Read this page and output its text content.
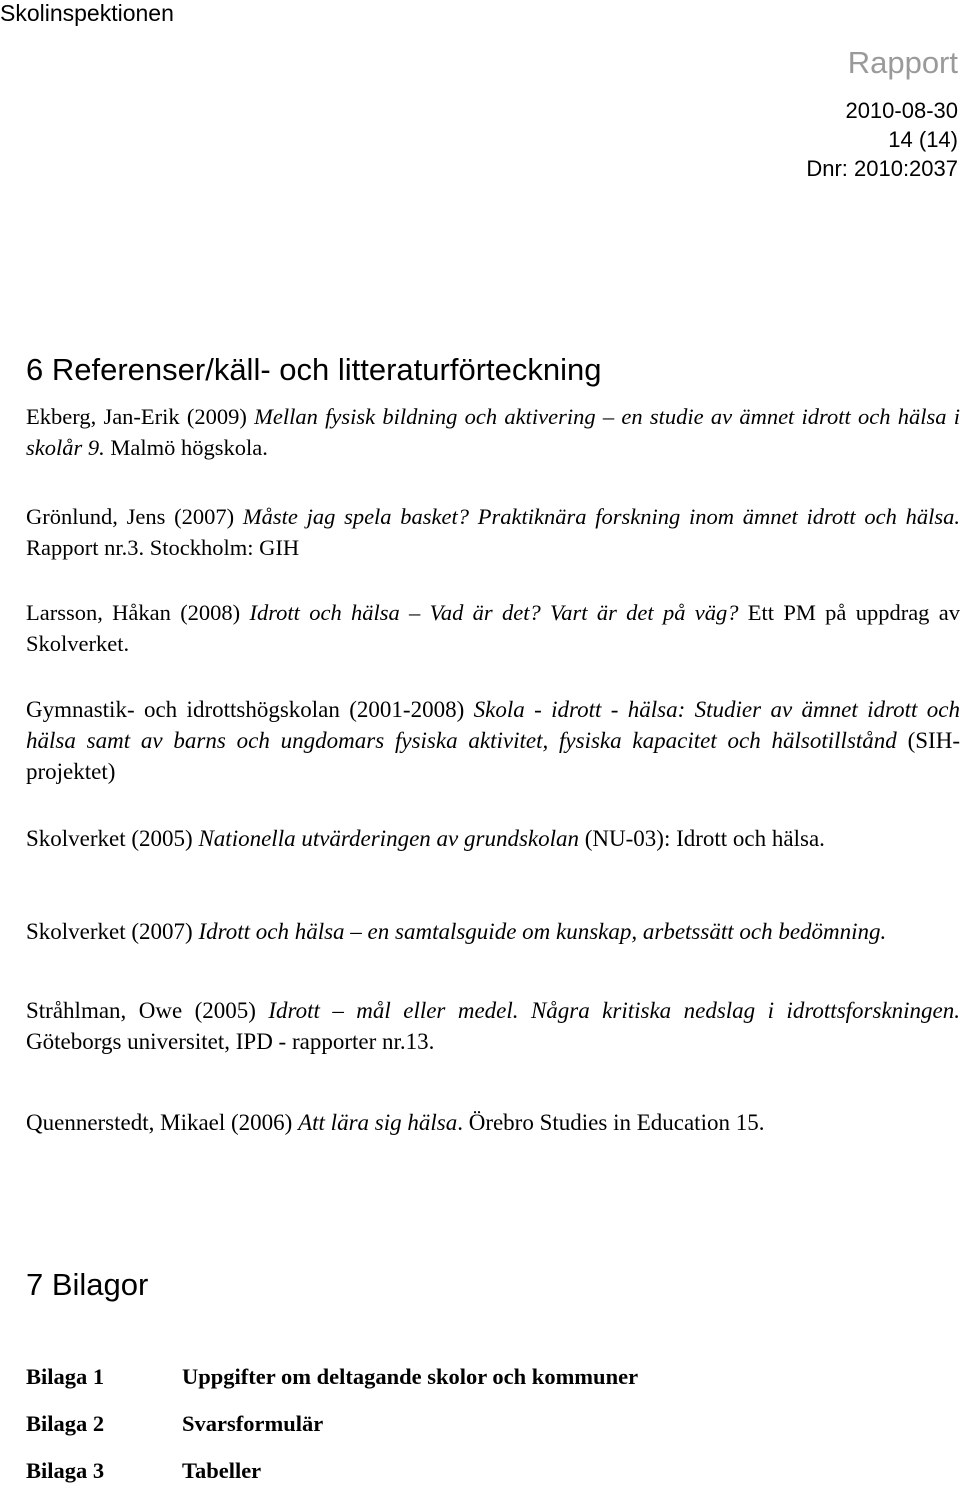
Skolinspektionen
Rapport
2010-08-30
14 (14)
Dnr: 2010:2037
6 Referenser/käll- och litteraturförteckning

Ekberg, Jan-Erik (2009) Mellan fysisk bildning och aktivering – en studie av ämnet idrott och hälsa i skolår 9. Malmö högskola.

Grönlund, Jens (2007) Måste jag spela basket? Praktiknära forskning inom ämnet idrott och hälsa. Rapport nr.3. Stockholm: GIH

Larsson, Håkan (2008) Idrott och hälsa – Vad är det? Vart är det på väg? Ett PM på uppdrag av Skolverket.

Gymnastik- och idrottshögskolan (2001-2008) Skola - idrott - hälsa: Studier av ämnet idrott och hälsa samt av barns och ungdomars fysiska aktivitet, fysiska kapacitet och hälsotillstånd (SIH-projektet)

Skolverket (2005) Nationella utvärderingen av grundskolan (NU-03): Idrott och hälsa.

Skolverket (2007) Idrott och hälsa – en samtalsguide om kunskap, arbetssätt och bedömning.

Stråhlman, Owe (2005) Idrott – mål eller medel. Några kritiska nedslag i idrottsforskningen. Göteborgs universitet, IPD - rapporter nr.13.

Quennerstedt, Mikael (2006) Att lära sig hälsa. Örebro Studies in Education 15.

7 Bilagor
Bilaga 1	Uppgifter om deltagande skolor och kommuner
Bilaga 2	Svarsformulär
Bilaga 3	Tabeller
